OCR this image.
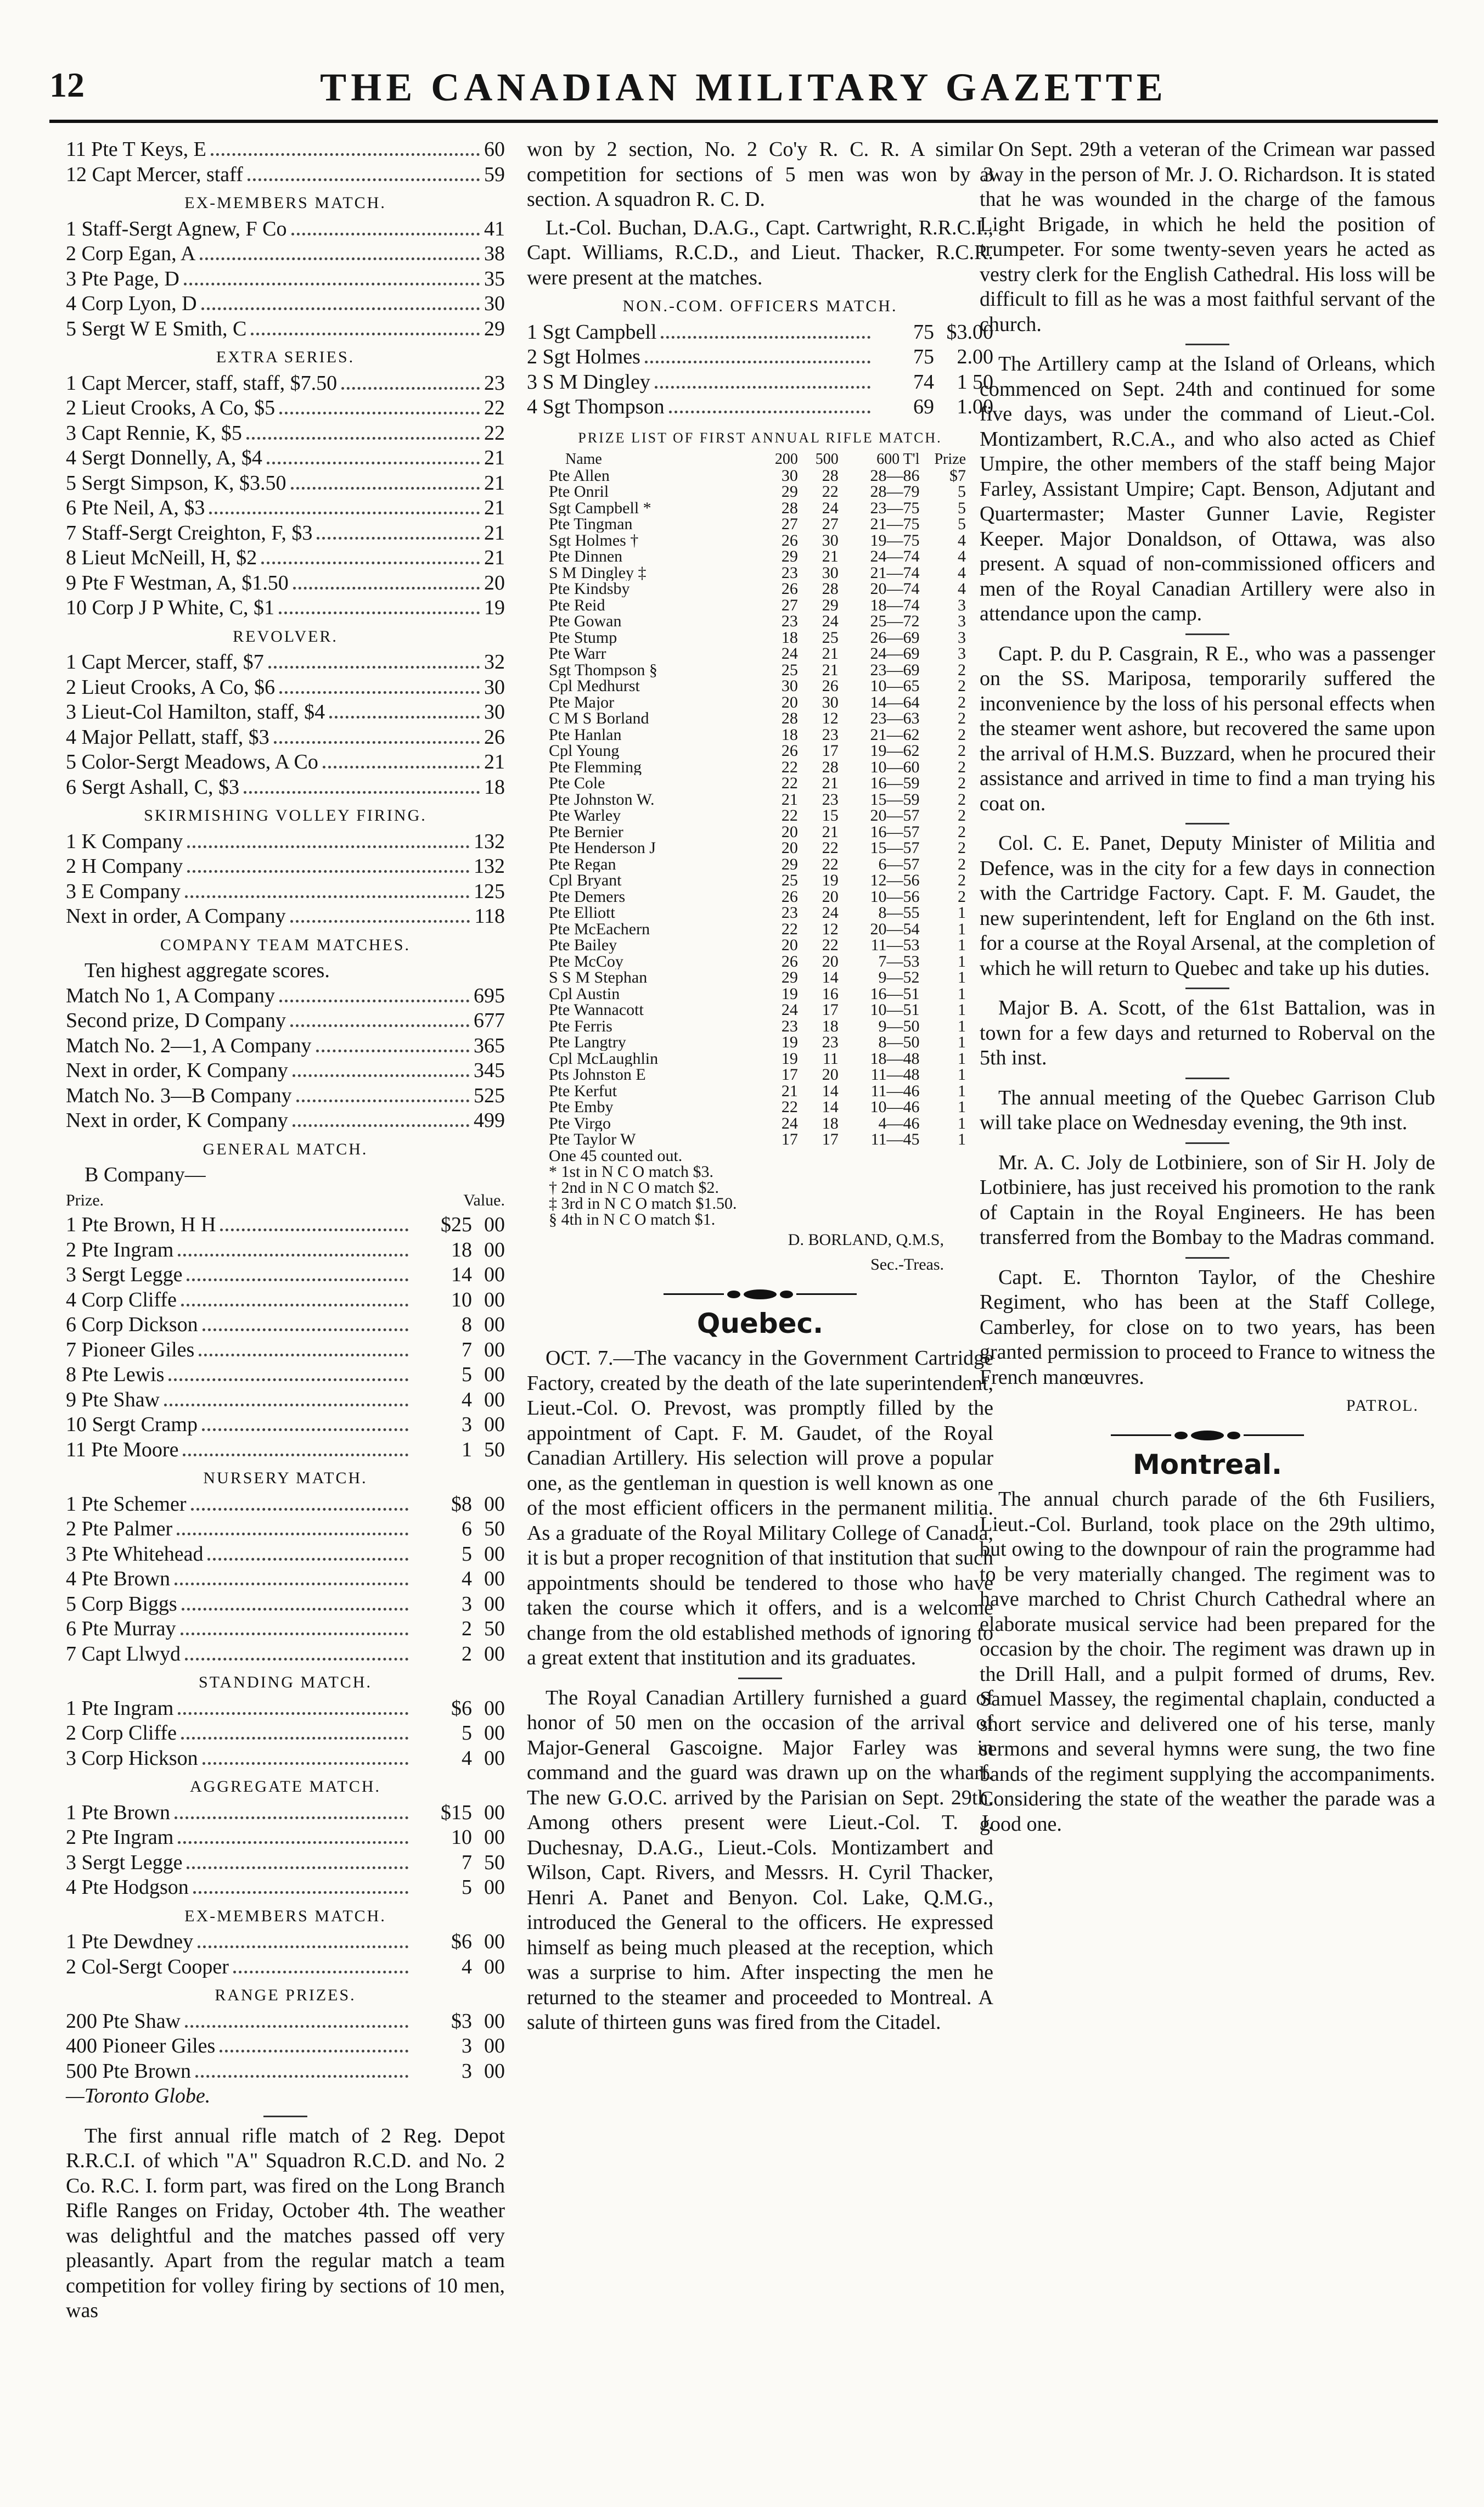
12	THE CANADIAN MILITARY GAZETTE
11 Pte T Keys, E	60
12 Capt Mercer, staff	59
EX-MEMBERS MATCH.
1 Staff-Sergt Agnew, F Co	41
2 Corp Egan, A	38
3 Pte Page, D	35
4 Corp Lyon, D	30
5 Sergt W E Smith, C	29
EXTRA SERIES.
1 Capt Mercer, staff, staff, $7.50	23
2 Lieut Crooks, A Co, $5	22
3 Capt Rennie, K, $5	22
4 Sergt Donnelly, A, $4	21
5 Sergt Simpson, K, $3.50	21
6 Pte Neil, A, $3	21
7 Staff-Sergt Creighton, F, $3	21
8 Lieut McNeill, H, $2	21
9 Pte F Westman, A, $1.50	20
10 Corp J P White, C, $1	19
REVOLVER.
1 Capt Mercer, staff, $7	32
2 Lieut Crooks, A Co, $6	30
3 Lieut-Col Hamilton, staff, $4	30
4 Major Pellatt, staff, $3	26
5 Color-Sergt Meadows, A Co	21
6 Sergt Ashall, C, $3	18
SKIRMISHING VOLLEY FIRING.
1 K Company	132
2 H Company	132
3 E Company	125
Next in order, A Company	118
COMPANY TEAM MATCHES.
Ten highest aggregate scores.
Match No 1, A Company	695
Second prize, D Company	677
Match No. 2—1, A Company	365
Next in order, K Company	345
Match No. 3—B Company	525
Next in order, K Company	499
GENERAL MATCH.
B Company—
Prize.	Value.
1 Pte Brown, H H	$25 00
2 Pte Ingram	18 00
3 Sergt Legge	14 00
4 Corp Cliffe	10 00
6 Corp Dickson	8 00
7 Pioneer Giles	7 00
8 Pte Lewis	5 00
9 Pte Shaw	4 00
10 Sergt Cramp	3 00
11 Pte Moore	1 50
NURSERY MATCH.
1 Pte Schemer	$8 00
2 Pte Palmer	6 50
3 Pte Whitehead	5 00
4 Pte Brown	4 00
5 Corp Biggs	3 00
6 Pte Murray	2 50
7 Capt Llwyd	2 00
STANDING MATCH.
1 Pte Ingram	$6 00
2 Corp Cliffe	5 00
3 Corp Hickson	4 00
AGGREGATE MATCH.
1 Pte Brown	$15 00
2 Pte Ingram	10 00
3 Sergt Legge	7 50
4 Pte Hodgson	5 00
EX-MEMBERS MATCH.
1 Pte Dewdney	$6 00
2 Col-Sergt Cooper	4 00
RANGE PRIZES.
200 Pte Shaw	$3 00
400 Pioneer Giles	3 00
500 Pte Brown	3 00
—Toronto Globe.
The first annual rifle match of 2 Reg. Depot R.R.C.I. of which "A" Squadron R.C.D. and No. 2 Co. R.C. I. form part, was fired on the Long Branch Rifle Ranges on Friday, October 4th. The weather was delightful and the matches passed off very pleasantly. Apart from the regular match a team competition for volley firing by sections of 10 men, was
won by 2 section, No. 2 Co'y R. C. R. A similar competition for sections of 5 men was won by 3 section. A squadron R. C. D.
Lt.-Col. Buchan, D.A.G., Capt. Cartwright, R.R.C.I., Capt. Williams, R.C.D., and Lieut. Thacker, R.C.R. were present at the matches.
NON.-COM. OFFICERS MATCH.
1 Sgt Campbell	75 $3.00
2 Sgt Holmes	75	2.00
3 S M Dingley	74	1 50
4 Sgt Thompson	69	1.00
PRIZE LIST OF FIRST ANNUAL RIFLE MATCH.
Name	200	500	600 T'l	Prize
Pte Allen	30	28	28—86	$7
Pte Onril	29	22	28—79	5
Sgt Campbell *	28	24	23—75	5
Pte Tingman	27	27	21—75	5
Sgt Holmes †	26	30	19—75	4
Pte Dinnen	29	21	24—74	4
S M Dingley ‡	23	30	21—74	4
Pte Kindsby	26	28	20—74	4
Pte Reid	27	29	18—74	3
Pte Gowan	23	24	25—72	3
Pte Stump	18	25	26—69	3
Pte Warr	24	21	24—69	3
Sgt Thompson §	25	21	23—69	2
Cpl Medhurst	30	26	10—65	2
Pte Major	20	30	14—64	2
C M S Borland	28	12	23—63	2
Pte Hanlan	18	23	21—62	2
Cpl Young	26	17	19—62	2
Pte Flemming	22	28	10—60	2
Pte Cole	22	21	16—59	2
Pte Johnston W.	21	23	15—59	2
Pte Warley	22	15	20—57	2
Pte Bernier	20	21	16—57	2
Pte Henderson J	20	22	15—57	2
Pte Regan	29	22	6—57	2
Cpl Bryant	25	19	12—56	2
Pte Demers	26	20	10—56	2
Pte Elliott	23	24	8—55	1
Pte McEachern	22	12	20—54	1
Pte Bailey	20	22	11—53	1
Pte McCoy	26	20	7—53	1
S S M Stephan	29	14	9—52	1
Cpl Austin	19	16	16—51	1
Pte Wannacott	24	17	10—51	1
Pte Ferris	23	18	9—50	1
Pte Langtry	19	23	8—50	1
Cpl McLaughlin	19	11	18—48	1
Pts Johnston E	17	20	11—48	1
Pte Kerfut	21	14	11—46	1
Pte Emby	22	14	10—46	1
Pte Virgo	24	18	4—46	1
Pte Taylor W	17	17	11—45	1
One 45 counted out.
* 1st in N C O match $3.
† 2nd in N C O match $2.
‡ 3rd in N C O match $1.50.
§ 4th in N C O match $1.
D. BORLAND, Q.M.S,
Sec.-Treas.
Quebec.
OCT. 7.—The vacancy in the Government Cartridge Factory, created by the death of the late superintendent, Lieut.-Col. O. Prevost, was promptly filled by the appointment of Capt. F. M. Gaudet, of the Royal Canadian Artillery. His selection will prove a popular one, as the gentleman in question is well known as one of the most efficient officers in the permanent militia. As a graduate of the Royal Military College of Canada, it is but a proper recognition of that institution that such appointments should be tendered to those who have taken the course which it offers, and is a welcome change from the old established methods of ignoring to a great extent that institution and its graduates.
The Royal Canadian Artillery furnished a guard of honor of 50 men on the occasion of the arrival of Major-General Gascoigne. Major Farley was in command and the guard was drawn up on the wharf. The new G.O.C. arrived by the Parisian on Sept. 29th. Among others present were Lieut.-Col. T. J. Duchesnay, D.A.G., Lieut.-Cols. Montizambert and Wilson, Capt. Rivers, and Messrs. H. Cyril Thacker, Henri A. Panet and Benyon. Col. Lake, Q.M.G., introduced the General to the officers. He expressed himself as being much pleased at the reception, which was a surprise to him. After inspecting the men he returned to the steamer and proceeded to Montreal. A salute of thirteen guns was fired from the Citadel.
On Sept. 29th a veteran of the Crimean war passed away in the person of Mr. J. O. Richardson. It is stated that he was wounded in the charge of the famous Light Brigade, in which he held the position of trumpeter. For some twenty-seven years he acted as vestry clerk for the English Cathedral. His loss will be difficult to fill as he was a most faithful servant of the church.
The Artillery camp at the Island of Orleans, which commenced on Sept. 24th and continued for some five days, was under the command of Lieut.-Col. Montizambert, R.C.A., and who also acted as Chief Umpire, the other members of the staff being Major Farley, Assistant Umpire; Capt. Benson, Adjutant and Quartermaster; Master Gunner Lavie, Register Keeper. Major Donaldson, of Ottawa, was also present. A squad of non-commissioned officers and men of the Royal Canadian Artillery were also in attendance upon the camp.
Capt. P. du P. Casgrain, R E., who was a passenger on the SS. Mariposa, temporarily suffered the inconvenience by the loss of his personal effects when the steamer went ashore, but recovered the same upon the arrival of H.M.S. Buzzard, when he procured their assistance and arrived in time to find a man trying his coat on.
Col. C. E. Panet, Deputy Minister of Militia and Defence, was in the city for a few days in connection with the Cartridge Factory. Capt. F. M. Gaudet, the new superintendent, left for England on the 6th inst. for a course at the Royal Arsenal, at the completion of which he will return to Quebec and take up his duties.
Major B. A. Scott, of the 61st Battalion, was in town for a few days and returned to Roberval on the 5th inst.
The annual meeting of the Quebec Garrison Club will take place on Wednesday evening, the 9th inst.
Mr. A. C. Joly de Lotbiniere, son of Sir H. Joly de Lotbiniere, has just received his promotion to the rank of Captain in the Royal Engineers. He has been transferred from the Bombay to the Madras command.
Capt. E. Thornton Taylor, of the Cheshire Regiment, who has been at the Staff College, Camberley, for close on to two years, has been granted permission to proceed to France to witness the French manœuvres.
PATROL.
Montreal.
The annual church parade of the 6th Fusiliers, Lieut.-Col. Burland, took place on the 29th ultimo, but owing to the downpour of rain the programme had to be very materially changed. The regiment was to have marched to Christ Church Cathedral where an elaborate musical service had been prepared for the occasion by the choir. The regiment was drawn up in the Drill Hall, and a pulpit formed of drums, Rev. Samuel Massey, the regimental chaplain, conducted a short service and delivered one of his terse, manly sermons and several hymns were sung, the two fine bands of the regiment supplying the accompaniments. Considering the state of the weather the parade was a good one.
